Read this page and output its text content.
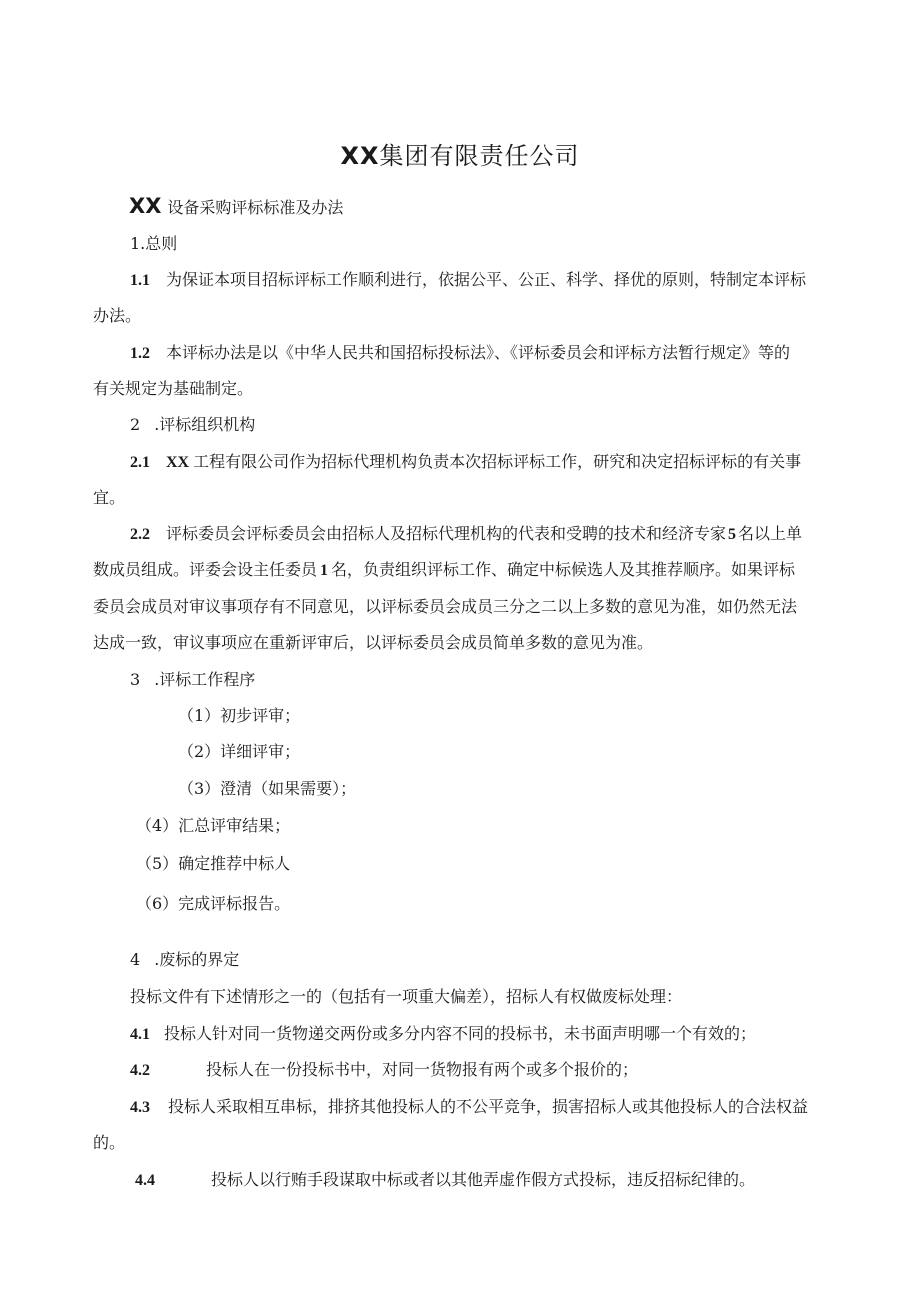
XX集团有限责任公司
XX 设备采购评标标准及办法
1.总则
1.1 为保证本项目招标评标工作顺利进行，依据公平、公正、科学、择优的原则，特制定本评标
办法。
1.2 本评标办法是以《中华人民共和国招标投标法》、《评标委员会和评标方法暂行规定》等的
有关规定为基础制定。
2 .评标组织机构
2.1 XX 工程有限公司作为招标代理机构负责本次招标评标工作，研究和决定招标评标的有关事
宜。
2.2 评标委员会评标委员会由招标人及招标代理机构的代表和受聘的技术和经济专家 5 名以上单
数成员组成。评委会设主任委员 1 名，负责组织评标工作、确定中标候选人及其推荐顺序。如果评标
委员会成员对审议事项存有不同意见，以评标委员会成员三分之二以上多数的意见为准，如仍然无法
达成一致，审议事项应在重新评审后，以评标委员会成员简单多数的意见为准。
3 .评标工作程序
（1）初步评审；
（2）详细评审；
（3）澄清（如果需要）；
（4）汇总评审结果；
（5）确定推荐中标人
（6）完成评标报告。
4 .废标的界定
投标文件有下述情形之一的（包括有一项重大偏差），招标人有权做废标处理：
4.1 投标人针对同一货物递交两份或多分内容不同的投标书，未书面声明哪一个有效的；
4.2	投标人在一份投标书中，对同一货物报有两个或多个报价的；
4.3 投标人采取相互串标，排挤其他投标人的不公平竞争，损害招标人或其他投标人的合法权益
的。
4.4	投标人以行贿手段谋取中标或者以其他弄虚作假方式投标，违反招标纪律的。
